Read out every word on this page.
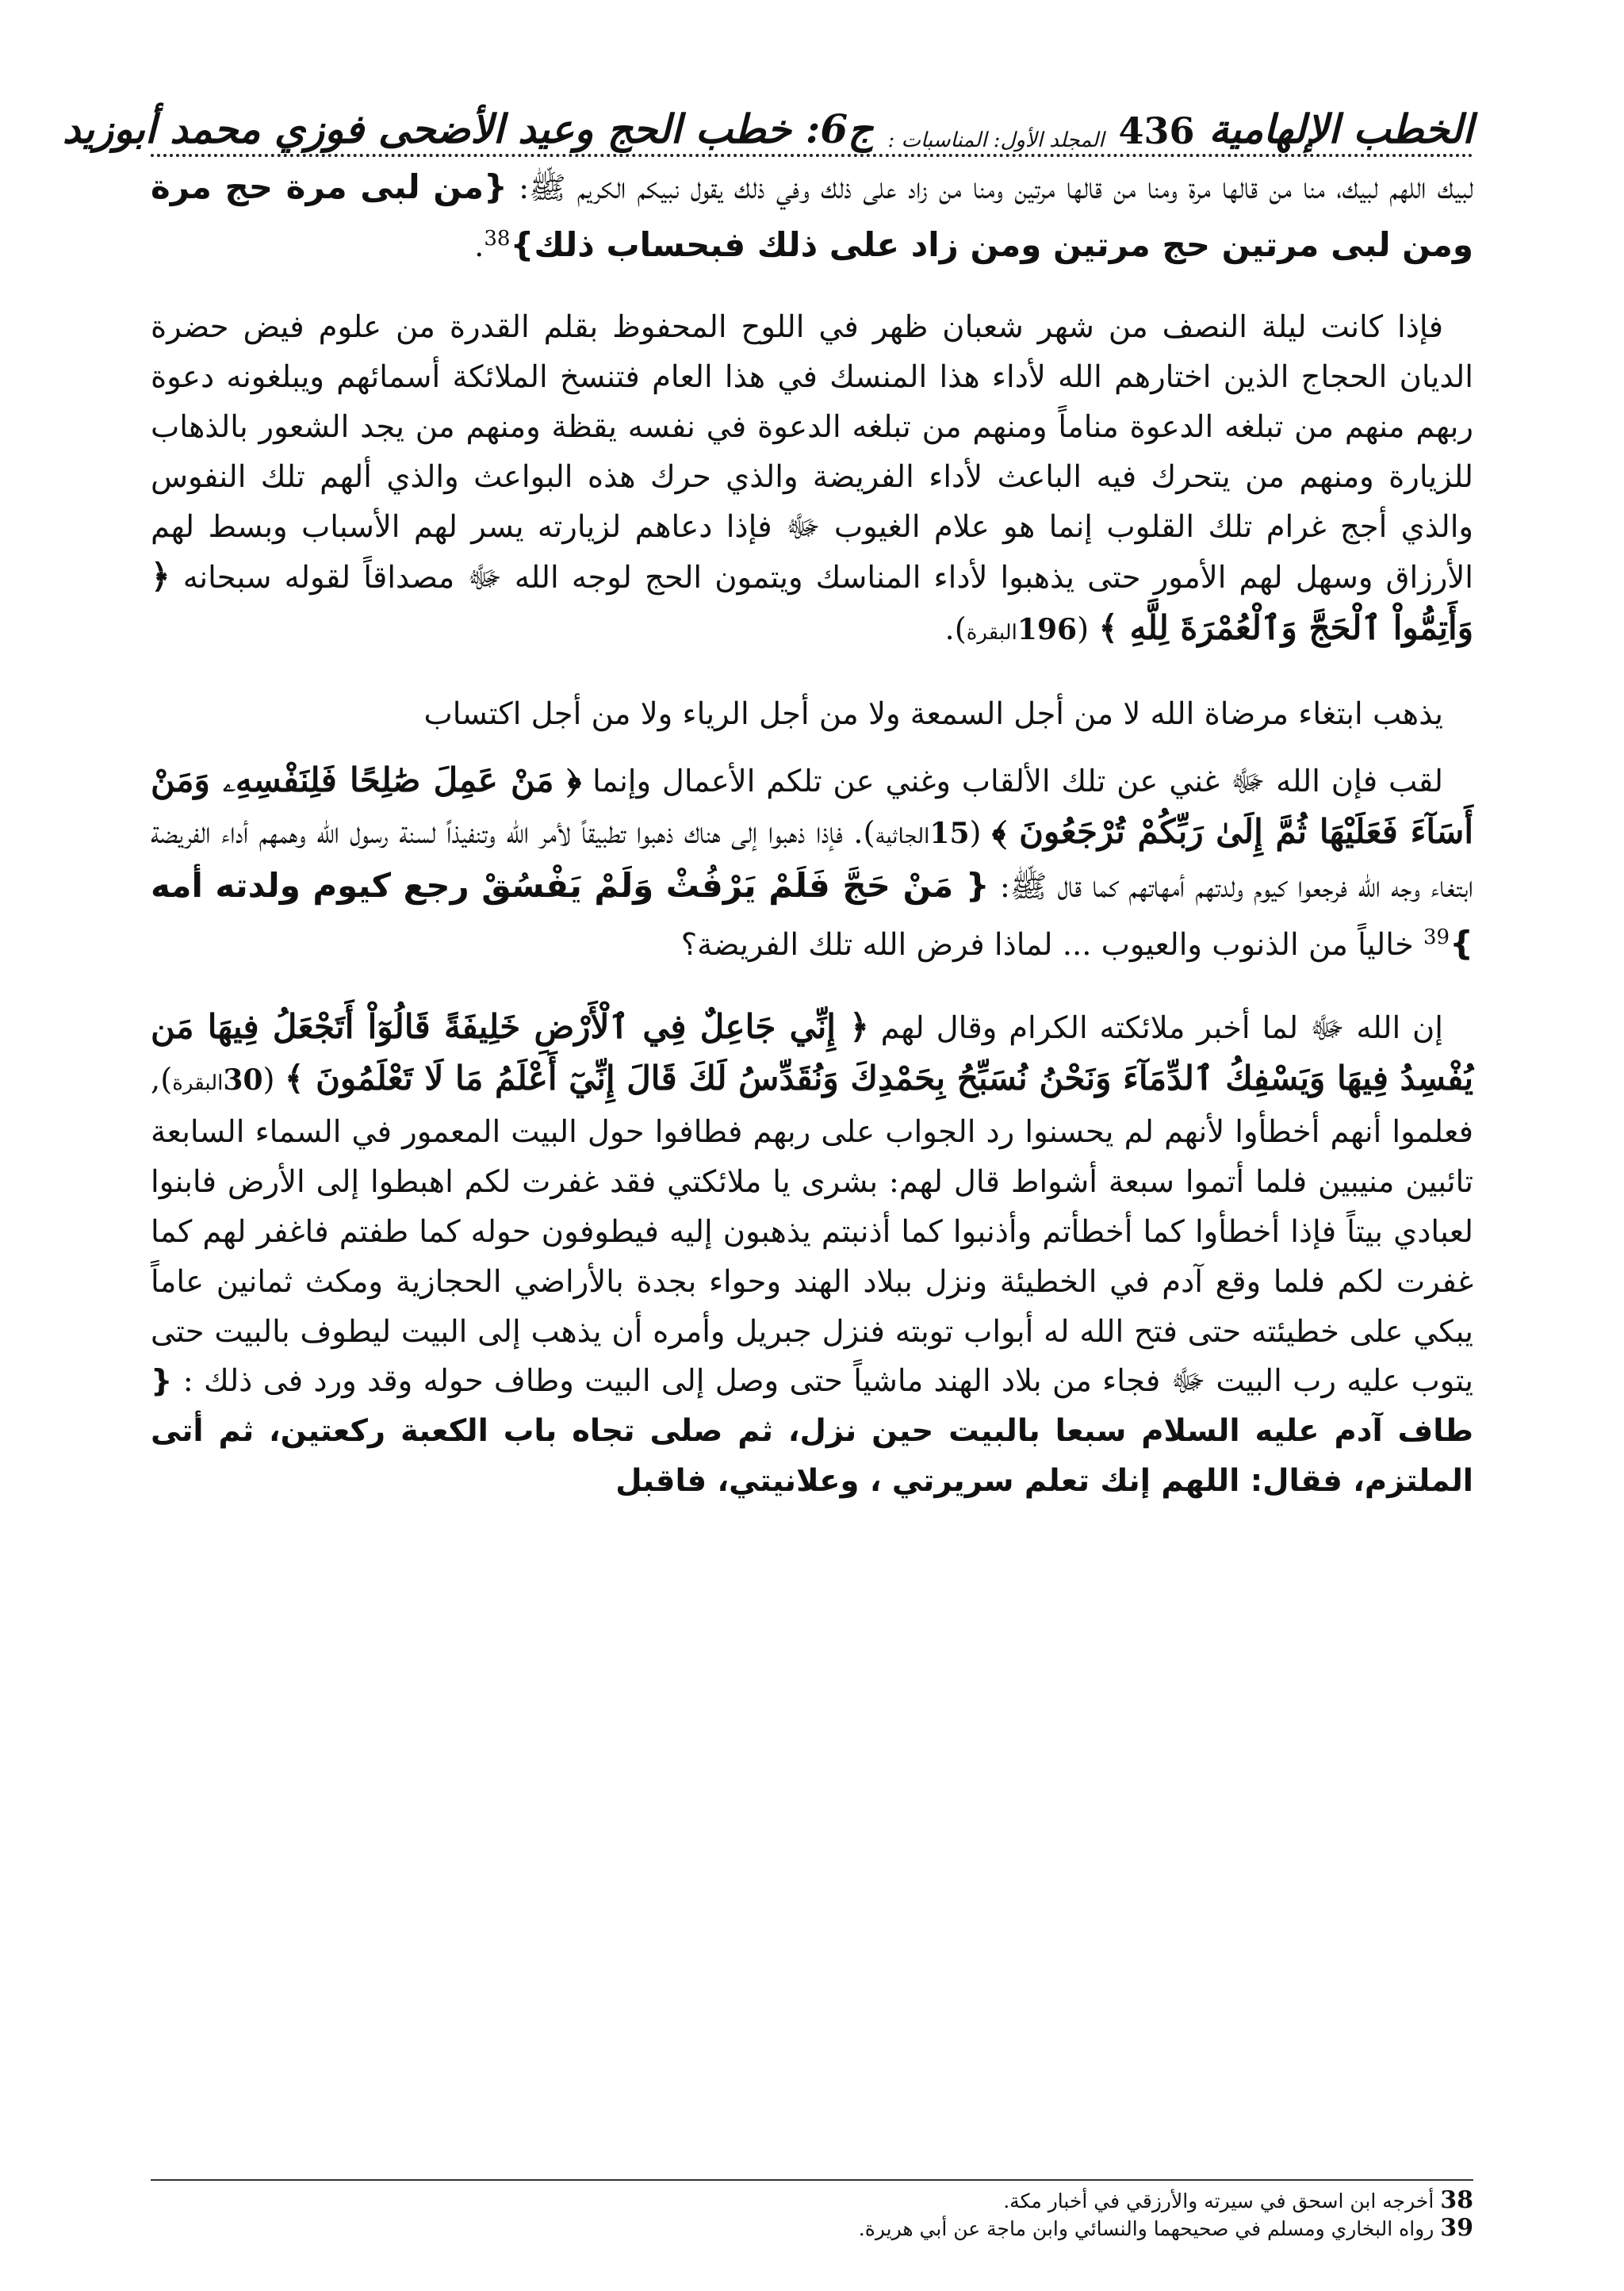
الخطب الإلهامية
436
المجلد الأول: المناسبات :
ج6:
خطب الحج وعيد الأضحى
فوزي محمد أبوزيد

لبيك اللهم لبيك، منا من قالها مرة ومنا من قالها مرتين ومنا من زاد على ذلك وفي ذلك يقول نبيكم الكريم ﷺ: {من لبى مرة حج مرة ومن لبى مرتين حج مرتين ومن زاد على ذلك فبحساب ذلك}$^{38}$.

فإذا كانت ليلة النصف من شهر شعبان ظهر في اللوح المحفوظ بقلم القدرة من علوم فيض حضرة الديان الحجاج الذين اختارهم الله لأداء هذا المنسك في هذا العام فتنسخ الملائكة أسمائهم ويبلغونه دعوة ربهم منهم من تبلغه الدعوة مناماً ومنهم من تبلغه الدعوة في نفسه يقظة ومنهم من يجد الشعور بالذهاب للزيارة ومنهم من يتحرك فيه الباعث لأداء الفريضة والذي حرك هذه البواعث والذي ألهم تلك النفوس والذي أجج غرام تلك القلوب إنما هو علام الغيوب ﷻ فإذا دعاهم لزيارته يسر لهم الأسباب وبسط لهم الأرزاق وسهل لهم الأمور حتى يذهبوا لأداء المناسك ويتمون الحج لوجه الله ﷻ مصداقاً لقوله سبحانه ﴿ وَأَتِمُّواْ ٱلْحَجَّ وَٱلْعُمْرَةَ لِلَّهِ ﴾ (196البقرة).

يذهب ابتغاء مرضاة الله لا من أجل السمعة ولا من أجل الرياء ولا من أجل اكتساب

لقب فإن الله ﷻ غني عن تلك الألقاب وغني عن تلكم الأعمال وإنما ﴿ مَنْ عَمِلَ صَٰلِحًا فَلِنَفْسِهِۦ وَمَنْ أَسَآءَ فَعَلَيْهَا ثُمَّ إِلَىٰ رَبِّكُمْ تُرْجَعُونَ ﴾ (15الجاثية). فإذا ذهبوا إلى هناك ذهبوا تطبيقاً لأمر الله وتنفيذاً لسنة رسول الله وهمهم أداء الفريضة ابتغاء وجه الله فرجعوا كيوم ولدتهم أمهاتهم كما قال ﷺ: { مَنْ حَجَّ فَلَمْ يَرْفُثْ وَلَمْ يَفْسُقْ رجع كيوم ولدته أمه }$^{39}$ خالياً من الذنوب والعيوب ... لماذا فرض الله تلك الفريضة؟

إن الله ﷻ لما أخبر ملائكته الكرام وقال لهم ﴿ إِنِّي جَاعِلٌ فِي ٱلْأَرْضِ خَلِيفَةً قَالُوٓاْ أَتَجْعَلُ فِيهَا مَن يُفْسِدُ فِيهَا وَيَسْفِكُ ٱلدِّمَآءَ وَنَحْنُ نُسَبِّحُ بِحَمْدِكَ وَنُقَدِّسُ لَكَ قَالَ إِنِّيٓ أَعْلَمُ مَا لَا تَعْلَمُونَ ﴾ (30البقرة), فعلموا أنهم أخطأوا لأنهم لم يحسنوا رد الجواب على ربهم فطافوا حول البيت المعمور في السماء السابعة تائبين منيبين فلما أتموا سبعة أشواط قال لهم: بشرى يا ملائكتي فقد غفرت لكم اهبطوا إلى الأرض فابنوا لعبادي بيتاً فإذا أخطأوا كما أخطأتم وأذنبوا كما أذنبتم يذهبون إليه فيطوفون حوله كما طفتم فاغفر لهم كما غفرت لكم فلما وقع آدم في الخطيئة ونزل ببلاد الهند وحواء بجدة بالأراضي الحجازية ومكث ثمانين عاماً يبكي على خطيئته حتى فتح الله له أبواب توبته فنزل جبريل وأمره أن يذهب إلى البيت ليطوف بالبيت حتى يتوب عليه رب البيت ﷻ فجاء من بلاد الهند ماشياً حتى وصل إلى البيت وطاف حوله وقد ورد فى ذلك : { طاف آدم عليه السلام سبعا بالبيت حين نزل، ثم صلى تجاه باب الكعبة ركعتين، ثم أتى الملتزم، فقال: اللهم إنك تعلم سريرتي ، وعلانيتي، فاقبل

38 أخرجه ابن اسحق في سيرته والأرزقي في أخبار مكة.
39 رواه البخاري ومسلم في صحيحهما والنسائي وابن ماجة عن أبي هريرة.
